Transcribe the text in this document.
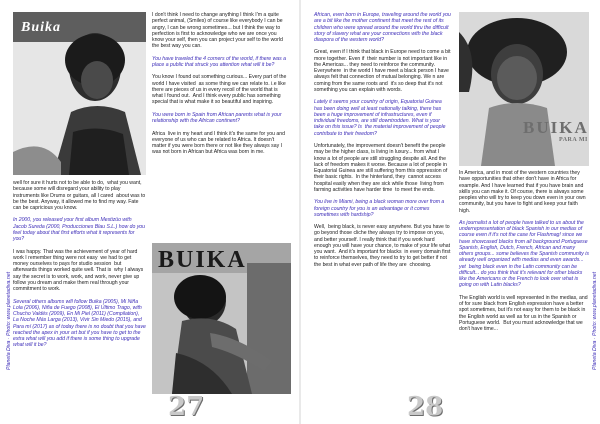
Planeta Diva · Photo: www.planetadiva.net
Buika

well for sure it hurts not to be able to do,  what you want,  because some will disregard your ability to play instruments like Drums or guitars, all I cared  about was to be the best. Anyway, it allowed me to find my way. Fate can be capricious you know.

In 2000, you released your first album Mestizüo with Jacob Sureda (2000, Producciones Blau S.L.) how do you feel today about that first efforts what it represents for you?

I was happy. That was the achievement of year of hard work I remember thing were not easy  we had to get money ourselves to pays for studio session  but afterwards things worked quite well. That is  why I always say the secret is to work, work, and work, never give up  follow you dream and make them real through your commitment to work.

Several others albums will follow Buika (2005), Mi Niña Lola (2006), Niña de Fuego (2008), El Último Trago, with Chucho Valdés (2009), En Mi Piel (2011) (Compilation), La Noche Más Larga (2013), Vivir Sin Miedo (2015), and Para mí (2017) as of today there is no doubt that you have reached the apex in your art but if you have to get to the extra what will you add if there is some thing to upgrade what will it be?

I don't think I need to change anything I think I'm a quite perfect animal, (Smiles) of course like everybody I can be angry, I can be wrong sometimes... but I think the way to perfection is first to acknowledge who we are once you know your self, then you can project your self to the world the best way you can.

You have traveled the 4 corners of the world, if there was a place a public that struck you attention what will it be?

You know I found out something curious... Every part of the world I have visited  as some thing we can relate to. i.e like there are pieces of us in every recoil of the world that is what I found out.  And I think every public has something special that is what make it so beautiful and inspiring.

You were born in Spain from African parents what is your relationship with the African continent?

Africa  live in my heart and I think it's the same for you and everyone of us who can be related to Africa. It doesn't matter if you were born there or not like they always say I was not born in African but Africa was born in me.

BUIKA
27

African, even born in Europe, traveling around the world you are a bit like the mother continent that meet the rest of its children who were spread around the world thru the difficult story of slavery what are your connections with the black diaspora of the western world?

Great, even if I think that black in Europe need to come a bit more together. Even if  their number is not important like in the Americas... they need to reinforce the community. Everywhere  in the world I have meet a black person I have always felt that connection of mutual belonging. We n are coming from the same roots and  it's so deep that it's not something you can explain with words.

Lately it seems your country of origin, Equatorial Guinea has been doing well at least nationally talking, there has been a huge improvement of infrastructures, even if individual freedoms, are still downtrodden. What is your take on this issue? Is  the material improvement of people contribute to their freedom?

Unfortunately, the improvement doesn't benefit the people may be the higher class, is living in luxury... from what I know a lot of people are still struggling despite all. And the lack of freedom makes it worse. Because a lot of people in Equatorial Guinea are still suffering from this oppression of their basic rights.  In the hinterland, they  cannot access hospital easily when they are sick while those  living from farming activities have harder time  to meet the ends.

You live in Miami, being a black woman more over from a foreign country for you is an advantage or it comes sometimes with hardship?

Well,  being black, is never easy anywhere. But you have to go beyond those cliche they always try to impose on you,  and better yourself. I really think that if you work hard enough you will have your chance, to make of your life what you want.  And it's important for blacks  in every domain first to reinforce themselves, they need to try to get better if not the best in what ever path of life they are  choosing.

BUIKA
PARA MI

In America, and in most of the western countries they have opportunities that other don't have in Africa for example. And I have learned that if you have brain and skills you can make it. Of course, there is always some peoples who will try to keep you down even in your own community, but you have to fight and keep your faith high.

As journalist a lot of people have talked to us about the underrepresentation of black Spanish in our medias of course even if it's not the case for Flashmag! since we have showcased blacks from all background Portuguese Spanish, English, Dutch, French, African and many others groups... some believes the Spanish community is already well organized with medias and even awards... yet  being black even in the Latin community can be difficult... do you think that it's relevant for other blacks like the Americans or the French to look over what is going on with Latin blacks?

The English world is well represented in the medias, and of for sure black from English expression have a better spot sometimes, but it's not easy for them to be black in the English world as well as for us in the Spanish or Portuguese world.  But you must acknowledge that we don't have time...	Planeta Diva · Photo: www.planetadiva.net
28
